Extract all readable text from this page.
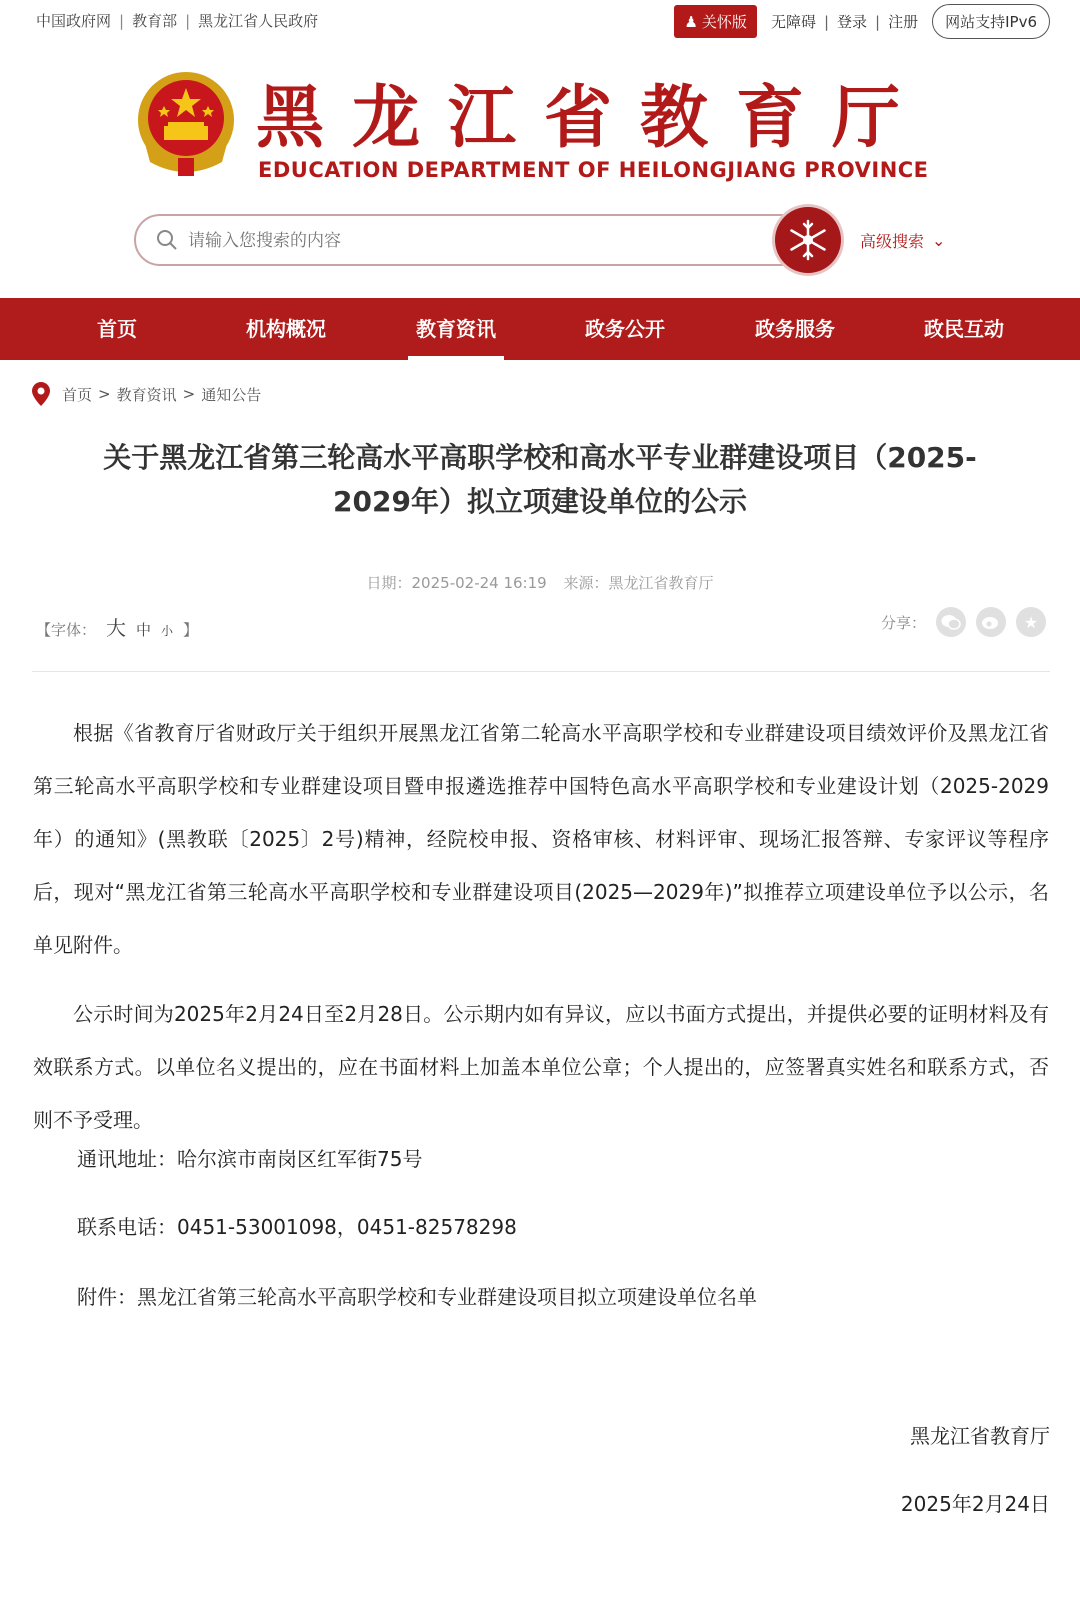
中国政府网 | 教育部 | 黑龙江省人民政府	♟ 关怀版 无障碍 | 登录 | 注册	网站支持IPv6
黑龙江省教育厅
EDUCATION DEPARTMENT OF HEILONGJIANG PROVINCE
请输入您搜索的内容
高级搜索 ⌄
首页	机构概况	教育资讯	政务公开	政务服务	政民互动
首页 > 教育资讯 > 通知公告
关于黑龙江省第三轮高水平高职学校和高水平专业群建设项目（2025-
2029年）拟立项建设单位的公示
日期：2025-02-24 16:19 来源：黑龙江省教育厅
【字体： 大 中 小 】	分享：	★

根据《省教育厅省财政厅关于组织开展黑龙江省第二轮高水平高职学校和专业群建设项目绩效评价及黑龙江省第三轮高水平高职学校和专业群建设项目暨申报遴选推荐中国特色高水平高职学校和专业建设计划（2025-2029年）的通知》(黑教联〔2025〕2号)精神，经院校申报、资格审核、材料评审、现场汇报答辩、专家评议等程序后，现对“黑龙江省第三轮高水平高职学校和专业群建设项目(2025—2029年)”拟推荐立项建设单位予以公示，名单见附件。

公示时间为2025年2月24日至2月28日。公示期内如有异议，应以书面方式提出，并提供必要的证明材料及有效联系方式。以单位名义提出的，应在书面材料上加盖本单位公章；个人提出的，应签署真实姓名和联系方式，否则不予受理。

通讯地址：哈尔滨市南岗区红军街75号
联系电话：0451-53001098，0451-82578298
附件：黑龙江省第三轮高水平高职学校和专业群建设项目拟立项建设单位名单
黑龙江省教育厅
2025年2月24日
